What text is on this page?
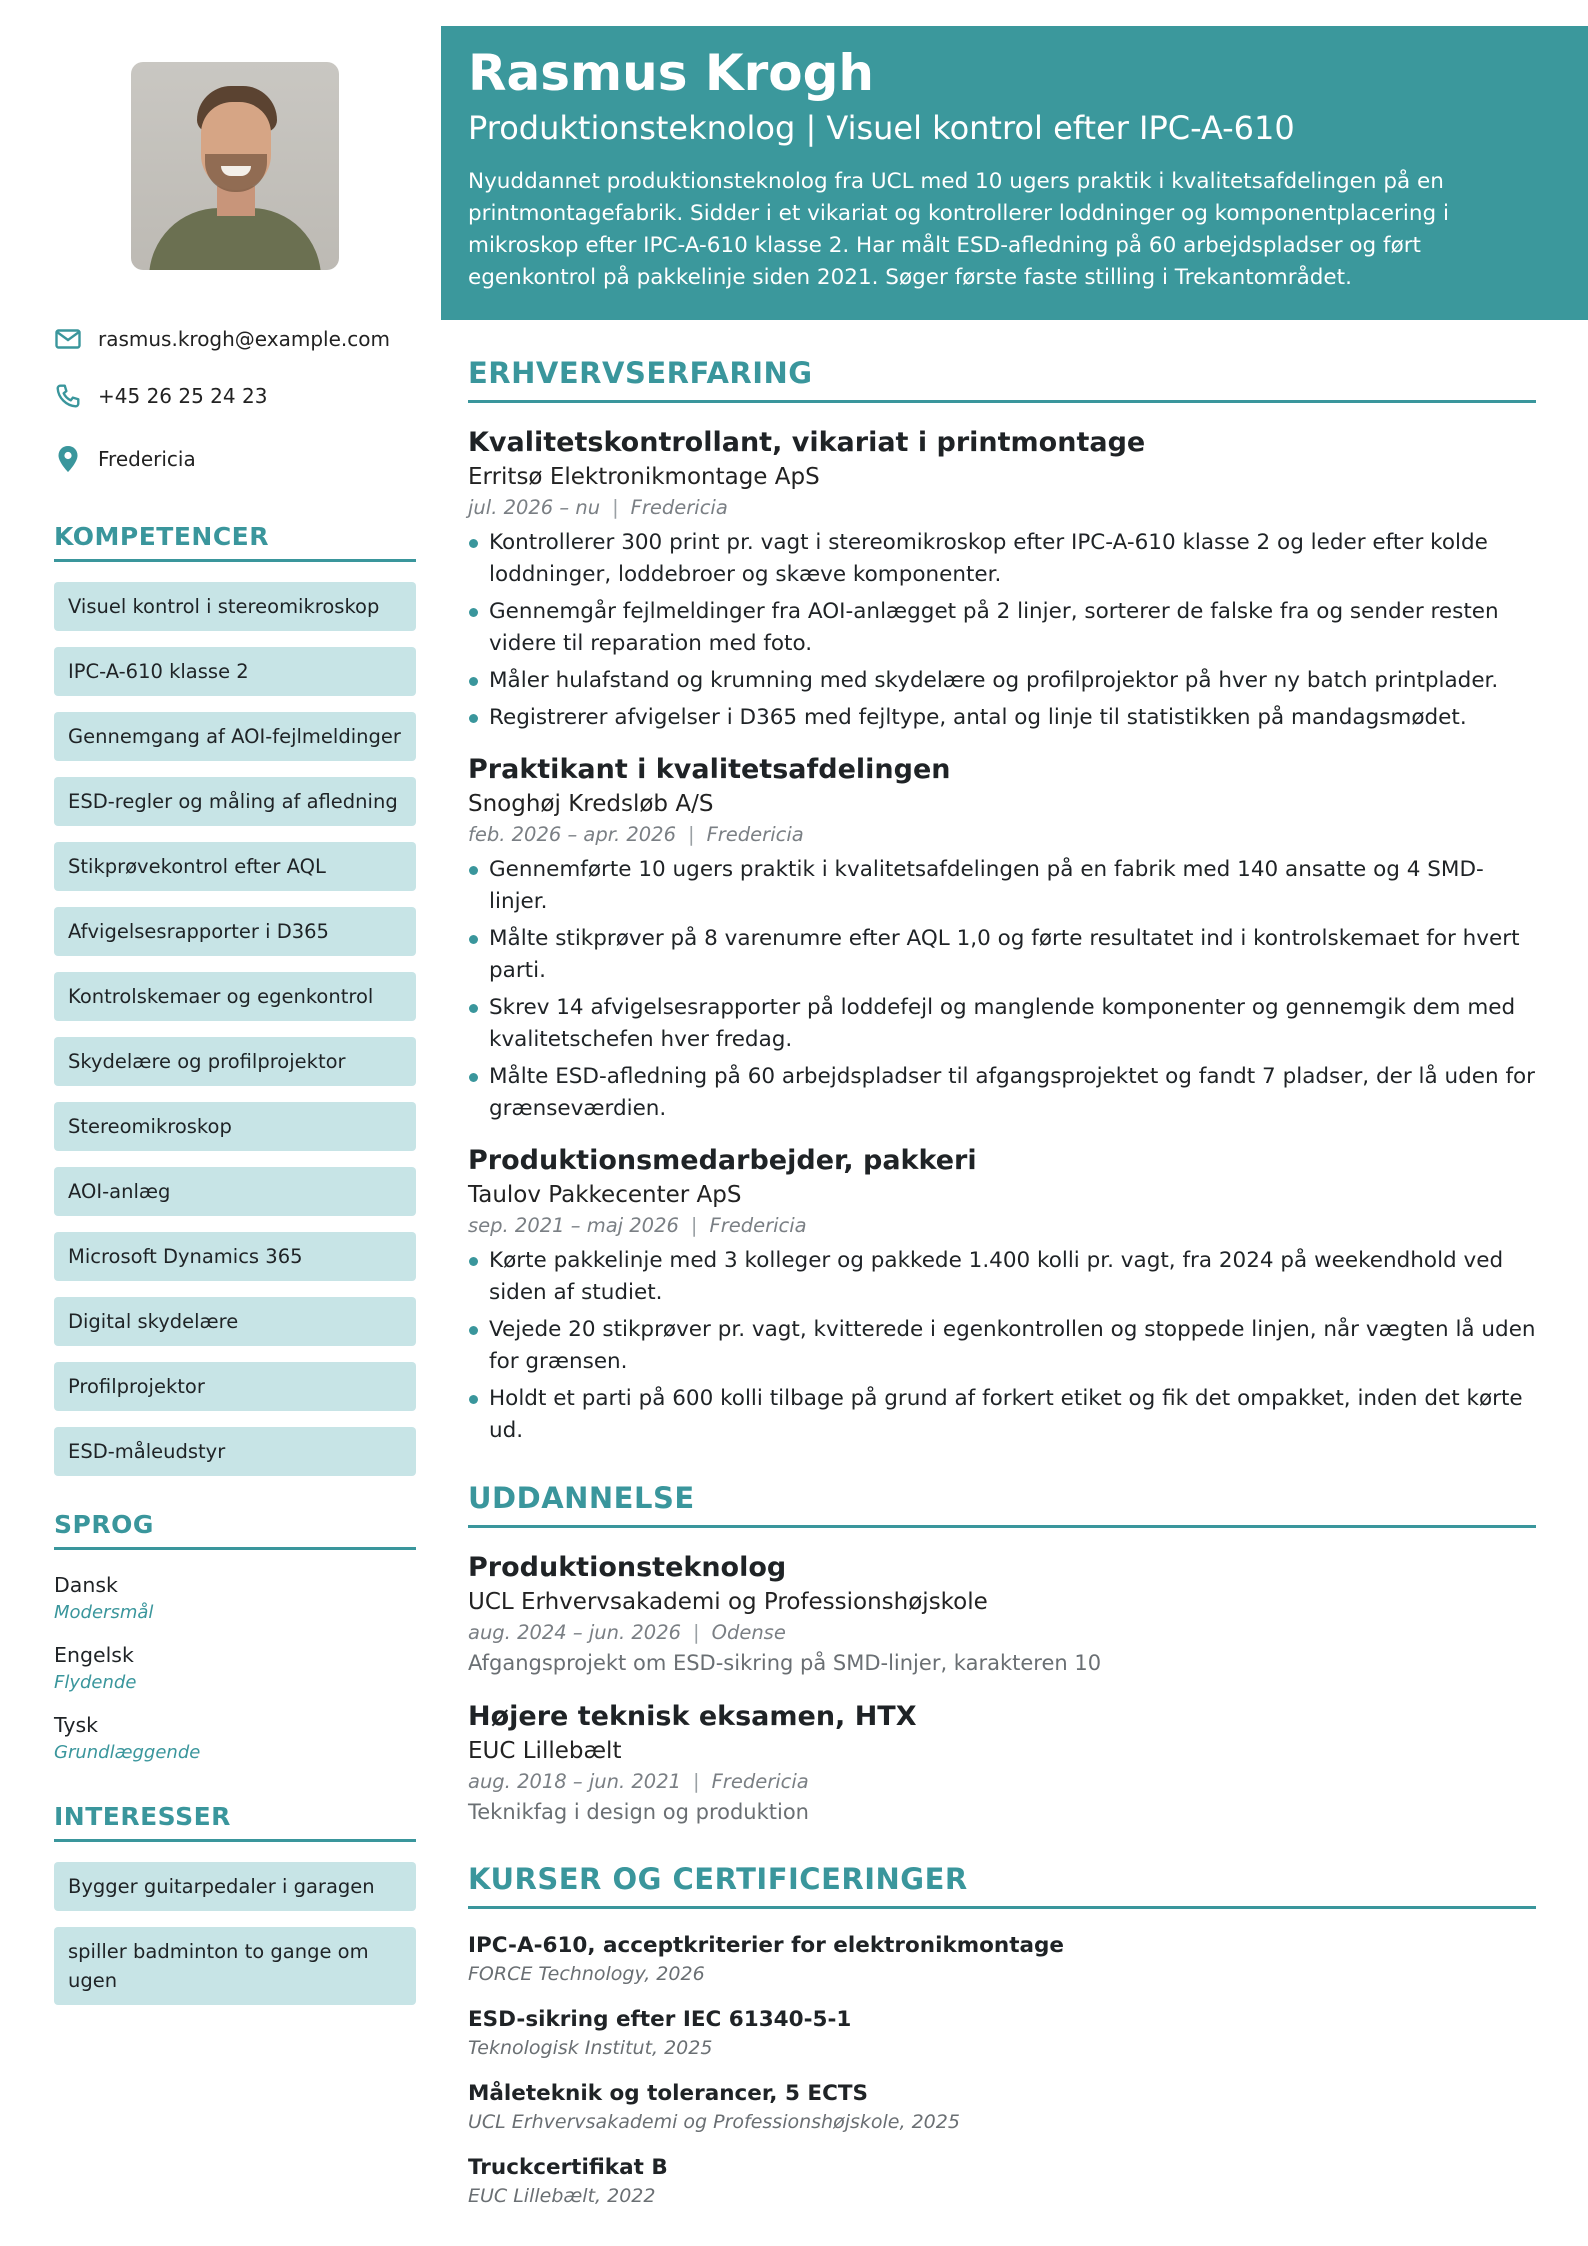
rasmus.krogh@example.com
+45 26 25 24 23
Fredericia
KOMPETENCER
Visuel kontrol i stereomikroskop
IPC-A-610 klasse 2
Gennemgang af AOI-fejlmeldinger
ESD-regler og måling af afledning
Stikprøvekontrol efter AQL
Afvigelsesrapporter i D365
Kontrolskemaer og egenkontrol
Skydelære og profilprojektor
Stereomikroskop
AOI-anlæg
Microsoft Dynamics 365
Digital skydelære
Profilprojektor
ESD-måleudstyr
SPROG
Dansk
Modersmål
Engelsk
Flydende
Tysk
Grundlæggende
INTERESSER
Bygger guitarpedaler i garagen
spiller badminton to gange om ugen
Rasmus Krogh
Produktionsteknolog | Visuel kontrol efter IPC-A-610
Nyuddannet produktionsteknolog fra UCL med 10 ugers praktik i kvalitetsafdelingen på en printmontagefabrik. Sidder i et vikariat og kontrollerer loddninger og komponentplacering i mikroskop efter IPC-A-610 klasse 2. Har målt ESD-afledning på 60 arbejdspladser og ført egenkontrol på pakkelinje siden 2021. Søger første faste stilling i Trekantområdet.
ERHVERVSERFARING
Kvalitetskontrollant, vikariat i printmontage
Erritsø Elektronikmontage ApS
jul. 2026 – nu | Fredericia
Kontrollerer 300 print pr. vagt i stereomikroskop efter IPC-A-610 klasse 2 og leder efter kolde loddninger, loddebroer og skæve komponenter.
Gennemgår fejlmeldinger fra AOI-anlægget på 2 linjer, sorterer de falske fra og sender resten videre til reparation med foto.
Måler hulafstand og krumning med skydelære og profilprojektor på hver ny batch printplader.
Registrerer afvigelser i D365 med fejltype, antal og linje til statistikken på mandagsmødet.
Praktikant i kvalitetsafdelingen
Snoghøj Kredsløb A/S
feb. 2026 – apr. 2026 | Fredericia
Gennemførte 10 ugers praktik i kvalitetsafdelingen på en fabrik med 140 ansatte og 4 SMD-linjer.
Målte stikprøver på 8 varenumre efter AQL 1,0 og førte resultatet ind i kontrolskemaet for hvert parti.
Skrev 14 afvigelsesrapporter på loddefejl og manglende komponenter og gennemgik dem med kvalitetschefen hver fredag.
Målte ESD-afledning på 60 arbejdspladser til afgangsprojektet og fandt 7 pladser, der lå uden for grænseværdien.
Produktionsmedarbejder, pakkeri
Taulov Pakkecenter ApS
sep. 2021 – maj 2026 | Fredericia
Kørte pakkelinje med 3 kolleger og pakkede 1.400 kolli pr. vagt, fra 2024 på weekendhold ved siden af studiet.
Vejede 20 stikprøver pr. vagt, kvitterede i egenkontrollen og stoppede linjen, når vægten lå uden for grænsen.
Holdt et parti på 600 kolli tilbage på grund af forkert etiket og fik det ompakket, inden det kørte ud.
UDDANNELSE
Produktionsteknolog
UCL Erhvervsakademi og Professionshøjskole
aug. 2024 – jun. 2026 | Odense
Afgangsprojekt om ESD-sikring på SMD-linjer, karakteren 10
Højere teknisk eksamen, HTX
EUC Lillebælt
aug. 2018 – jun. 2021 | Fredericia
Teknikfag i design og produktion
KURSER OG CERTIFICERINGER
IPC-A-610, acceptkriterier for elektronikmontage
FORCE Technology, 2026
ESD-sikring efter IEC 61340-5-1
Teknologisk Institut, 2025
Måleteknik og tolerancer, 5 ECTS
UCL Erhvervsakademi og Professionshøjskole, 2025
Truckcertifikat B
EUC Lillebælt, 2022
